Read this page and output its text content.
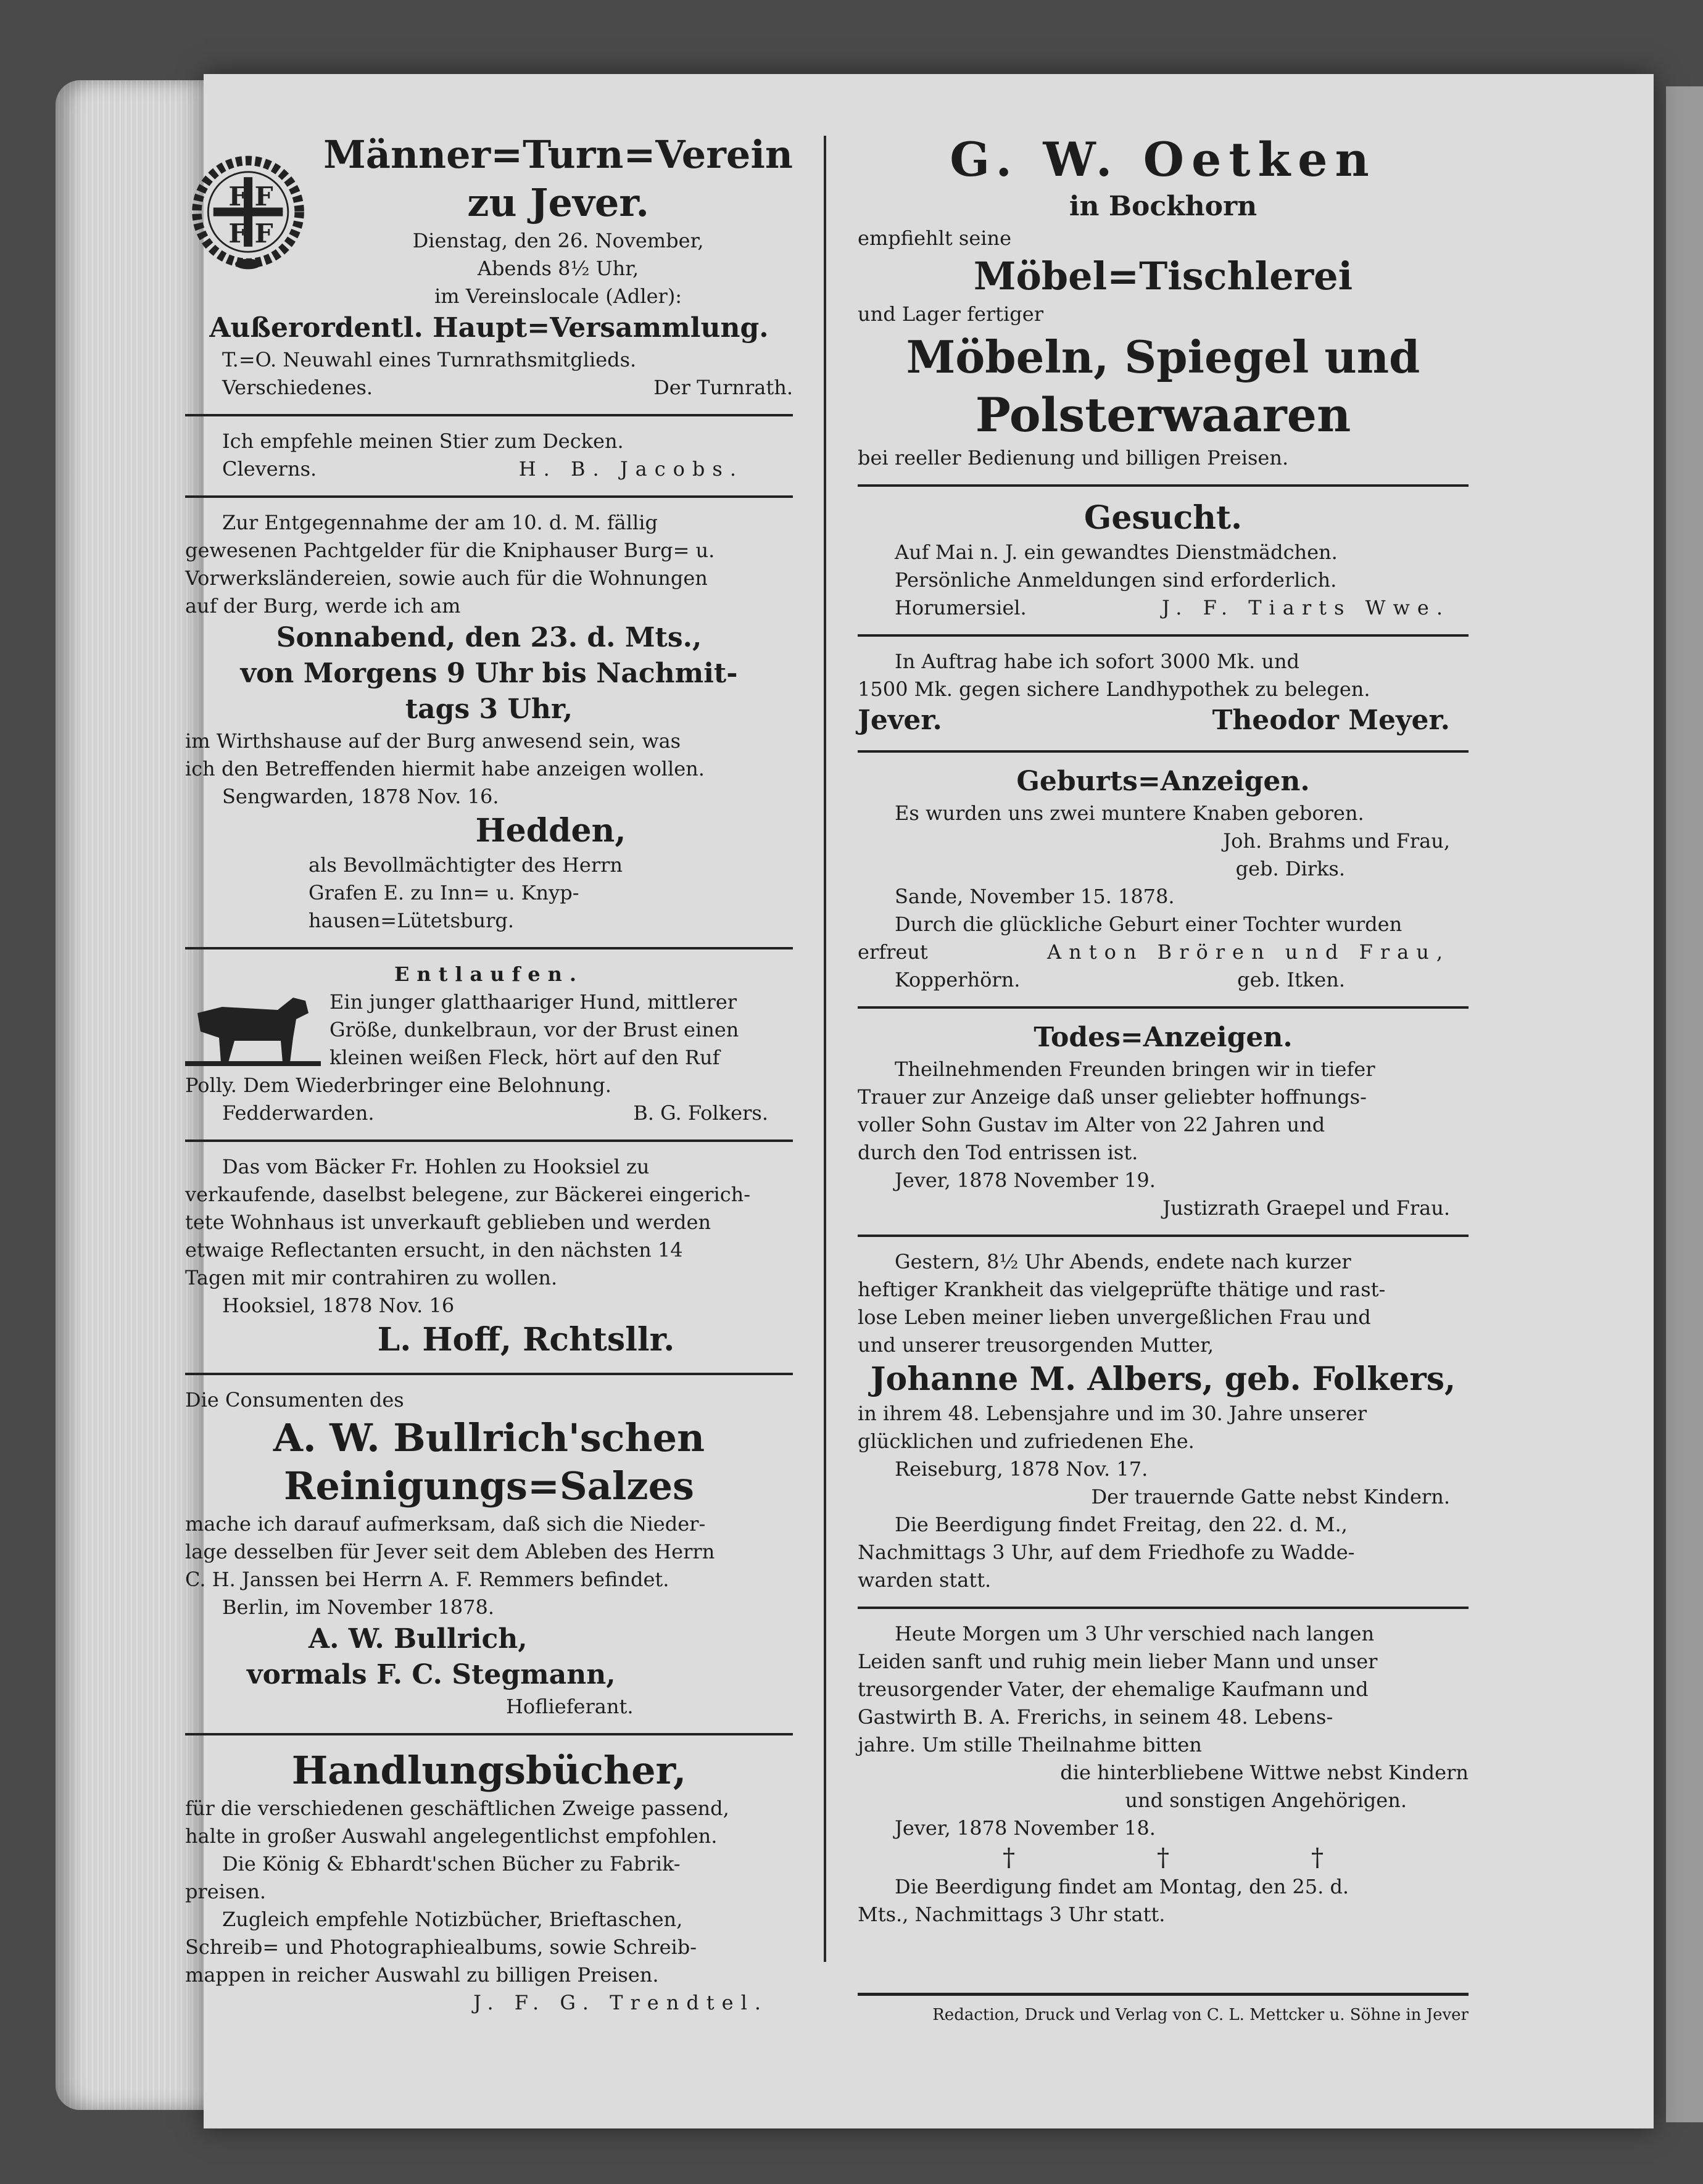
F F
F F
Männer=Turn=Verein
zu Jever.
Dienstag, den 26. November,
Abends 8½ Uhr,
im Vereinslocale (Adler):
Außerordentl. Haupt=Versammlung.
T.=O. Neuwahl eines Turnrathsmitglieds.
Verschiedenes.	Der Turnrath.
Ich empfehle meinen Stier zum Decken.
Cleverns.	H. B. Jacobs.
Zur Entgegennahme der am 10. d. M. fällig
gewesenen Pachtgelder für die Kniphauser Burg= u.
Vorwerksländereien, sowie auch für die Wohnungen
auf der Burg, werde ich am
Sonnabend, den 23. d. Mts.,
von Morgens 9 Uhr bis Nachmit-
tags 3 Uhr,
im Wirthshause auf der Burg anwesend sein, was
ich den Betreffenden hiermit habe anzeigen wollen.
Sengwarden, 1878 Nov. 16.
Hedden,
als Bevollmächtigter des Herrn
Grafen E. zu Inn= u. Knyp-
hausen=Lütetsburg.
Entlaufen.
Ein junger glatthaariger Hund, mittlerer
Größe, dunkelbraun, vor der Brust einen
kleinen weißen Fleck, hört auf den Ruf
Polly. Dem Wiederbringer eine Belohnung.
Fedderwarden.	B. G. Folkers.
Das vom Bäcker Fr. Hohlen zu Hooksiel zu
verkaufende, daselbst belegene, zur Bäckerei eingerich-
tete Wohnhaus ist unverkauft geblieben und werden
etwaige Reflectanten ersucht, in den nächsten 14
Tagen mit mir contrahiren zu wollen.
Hooksiel, 1878 Nov. 16
L. Hoff, Rchtsllr.
Die Consumenten des
A. W. Bullrich'schen
Reinigungs=Salzes
mache ich darauf aufmerksam, daß sich die Nieder-
lage desselben für Jever seit dem Ableben des Herrn
C. H. Janssen bei Herrn A. F. Remmers befindet.
Berlin, im November 1878.
A. W. Bullrich,
vormals F. C. Stegmann,
Hoflieferant.
Handlungsbücher,
für die verschiedenen geschäftlichen Zweige passend,
halte in großer Auswahl angelegentlichst empfohlen.
Die König & Ebhardt'schen Bücher zu Fabrik-
preisen.
Zugleich empfehle Notizbücher, Brieftaschen,
Schreib= und Photographiealbums, sowie Schreib-
mappen in reicher Auswahl zu billigen Preisen.
J. F. G. Trendtel.
G. W. Oetken
in Bockhorn
empfiehlt seine
Möbel=Tischlerei
und Lager fertiger
Möbeln, Spiegel und
Polsterwaaren
bei reeller Bedienung und billigen Preisen.
Gesucht.
Auf Mai n. J. ein gewandtes Dienstmädchen.
Persönliche Anmeldungen sind erforderlich.
Horumersiel.	J. F. Tiarts Wwe.
In Auftrag habe ich sofort 3000 Mk. und
1500 Mk. gegen sichere Landhypothek zu belegen.
Jever.	Theodor Meyer.
Geburts=Anzeigen.
Es wurden uns zwei muntere Knaben geboren.
Joh. Brahms und Frau,
geb. Dirks.
Sande, November 15. 1878.
Durch die glückliche Geburt einer Tochter wurden
erfreut	Anton Brören und Frau,
Kopperhörn.	geb. Itken.
Todes=Anzeigen.
Theilnehmenden Freunden bringen wir in tiefer
Trauer zur Anzeige daß unser geliebter hoffnungs-
voller Sohn Gustav im Alter von 22 Jahren und
durch den Tod entrissen ist.
Jever, 1878 November 19.
Justizrath Graepel und Frau.
Gestern, 8½ Uhr Abends, endete nach kurzer
heftiger Krankheit das vielgeprüfte thätige und rast-
lose Leben meiner lieben unvergeßlichen Frau und
und unserer treusorgenden Mutter,
Johanne M. Albers, geb. Folkers,
in ihrem 48. Lebensjahre und im 30. Jahre unserer
glücklichen und zufriedenen Ehe.
Reiseburg, 1878 Nov. 17.
Der trauernde Gatte nebst Kindern.
Die Beerdigung findet Freitag, den 22. d. M.,
Nachmittags 3 Uhr, auf dem Friedhofe zu Wadde-
warden statt.
Heute Morgen um 3 Uhr verschied nach langen
Leiden sanft und ruhig mein lieber Mann und unser
treusorgender Vater, der ehemalige Kaufmann und
Gastwirth B. A. Frerichs, in seinem 48. Lebens-
jahre. Um stille Theilnahme bitten
die hinterbliebene Wittwe nebst Kindern
und sonstigen Angehörigen.
Jever, 1878 November 18.
†	†	†
Die Beerdigung findet am Montag, den 25. d.
Mts., Nachmittags 3 Uhr statt.
Redaction, Druck und Verlag von C. L. Mettcker u. Söhne in Jever
